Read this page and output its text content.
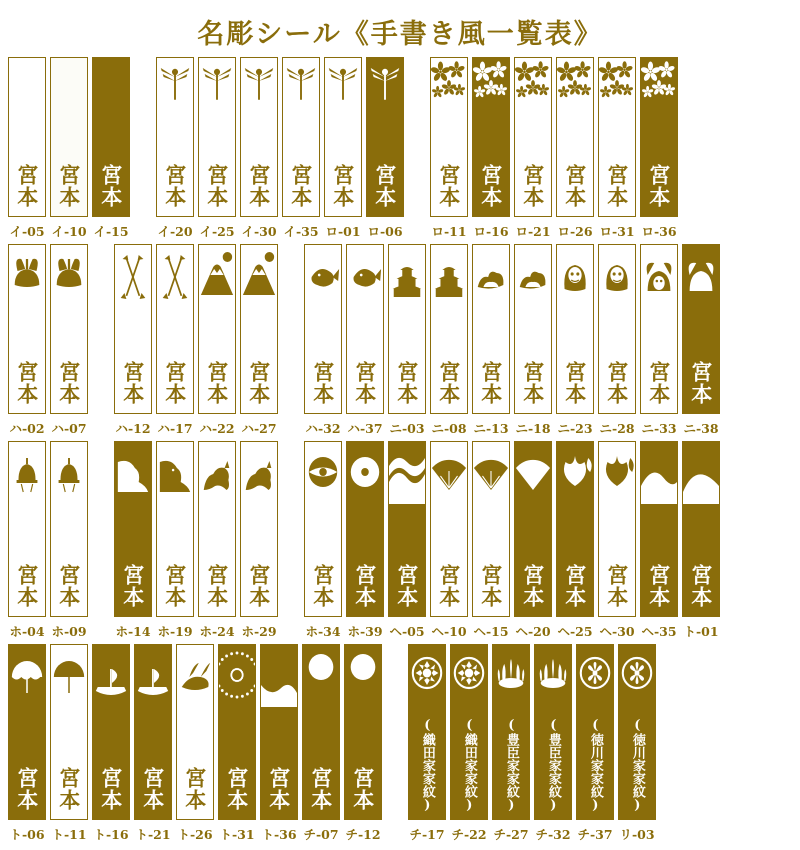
名彫シール《手書き風一覧表》
宮本
イ-05
宮本
イ-10
宮本
イ-15
宮本
イ-20
宮本
イ-25
宮本
イ-30
宮本
イ-35
宮本
ロ-01
宮本
ロ-06
宮本
ロ-11
宮本
ロ-16
宮本
ロ-21
宮本
ロ-26
宮本
ロ-31
宮本
ロ-36
宮本
ハ-02
宮本
ハ-07
宮本
ハ-12
宮本
ハ-17
宮本
ハ-22
宮本
ハ-27
宮本
ハ-32
宮本
ハ-37
宮本
ニ-03
宮本
ニ-08
宮本
ニ-13
宮本
ニ-18
宮本
ニ-23
宮本
ニ-28
宮本
ニ-33
宮本
ニ-38
宮本
ホ-04
宮本
ホ-09
宮本
ホ-14
宮本
ホ-19
宮本
ホ-24
宮本
ホ-29
宮本
ホ-34
宮本
ホ-39
宮本
ヘ-05
宮本
ヘ-10
宮本
ヘ-15
宮本
ヘ-20
宮本
ヘ-25
宮本
ヘ-30
宮本
ヘ-35
宮本
ト-01
宮本
ト-06
宮本
ト-11
宮本
ト-16
宮本
ト-21
宮本
ト-26
宮本
ト-31
宮本
ト-36
宮本
チ-07
宮本
チ-12
(織田家家紋)
チ-17
(織田家家紋)
チ-22
(豊臣家家紋)
チ-27
(豊臣家家紋)
チ-32
(徳川家家紋)
チ-37
(徳川家家紋)
リ-03
